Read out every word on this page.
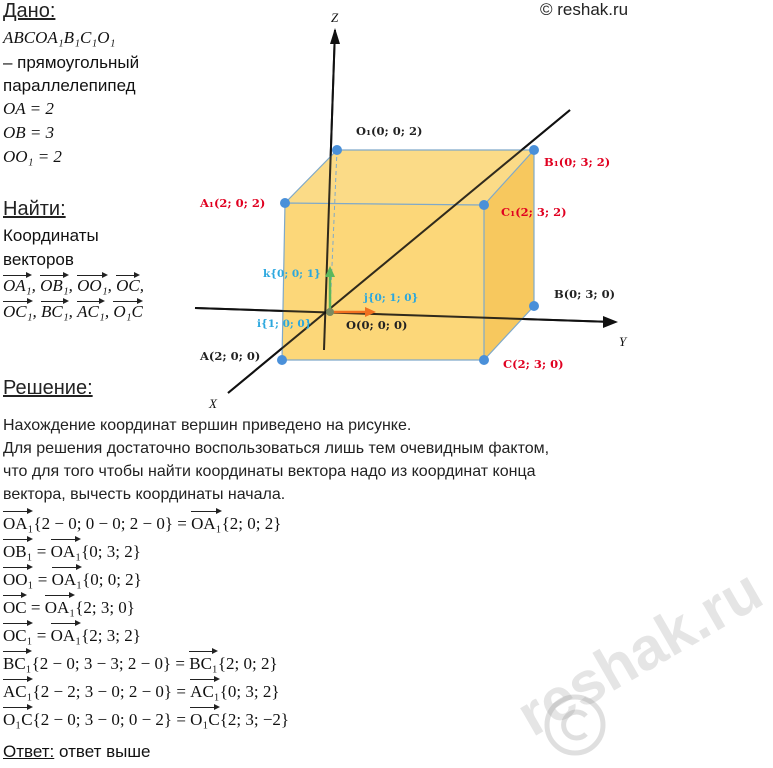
© reshak.ru
Дано:
ABCOA₁B₁C₁O₁
– прямоугольный
параллелепипед
OA = 2
OB = 3
OO₁ = 2
Найти:
Координаты
векторов
OA₁, OB₁, OO₁, OC,
OC₁, BC₁, AC₁, O₁C
Z
Y
X
O₁(0; 0; 2)
B₁(0; 3; 2)
A₁(2; 0; 2)
C₁(2; 3; 2)
B(0; 3; 0)
O(0; 0; 0)
A(2; 0; 0)
C(2; 3; 0)
k{0; 0; 1}
j{0; 1; 0}
i{1; 0; 0}
Решение:
Нахождение координат вершин приведено на рисунке.
Для решения достаточно воспользоваться лишь тем очевидным фактом,
что для того чтобы найти координаты вектора надо из координат конца
вектора, вычесть координаты начала.
OA₁{2 − 0; 0 − 0; 2 − 0} = OA₁{2; 0; 2}
OB₁ = OA₁{0; 3; 2}
OO₁ = OA₁{0; 0; 2}
OC = OA₁{2; 3; 0}
OC₁ = OA₁{2; 3; 2}
BC₁{2 − 0; 3 − 3; 2 − 0} = BC₁{2; 0; 2}
AC₁{2 − 2; 3 − 0; 2 − 0} = AC₁{0; 3; 2}
O₁C{2 − 0; 3 − 0; 0 − 2} = O₁C{2; 3; −2}
Ответ: ответ выше
reshak.ru
